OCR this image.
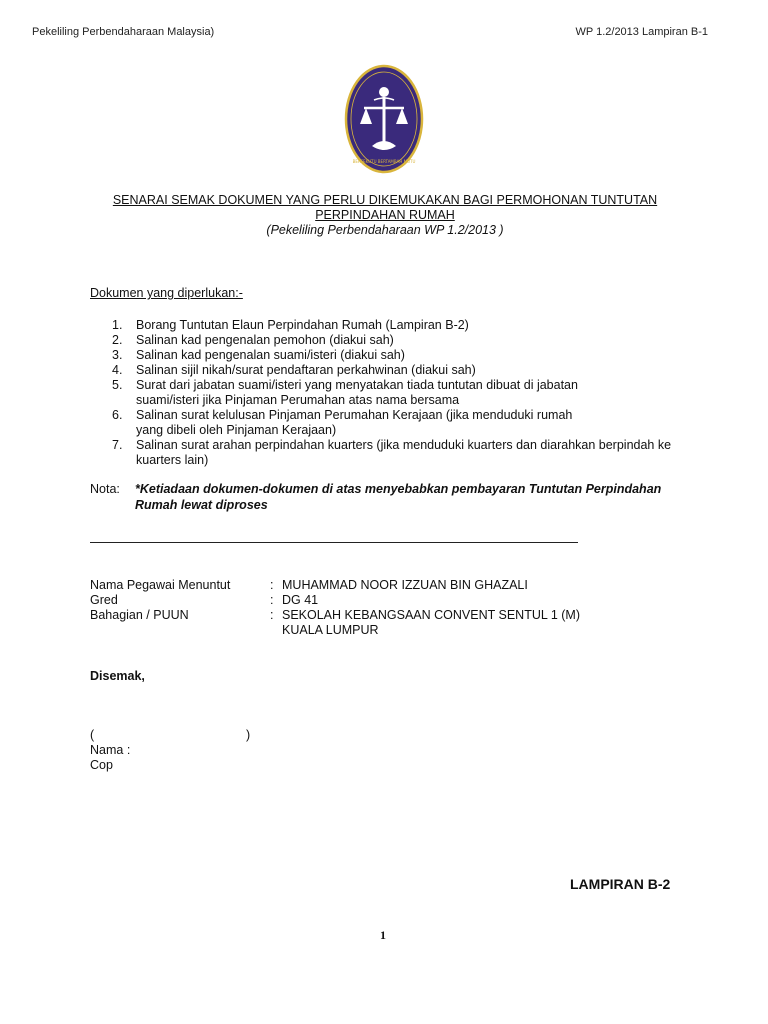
Pekeliling Perbendaharaan Malaysia)	WP 1.2/2013 Lampiran B-1
BERSEKUTU BERTAMBAH MUTU
SENARAI SEMAK DOKUMEN YANG PERLU DIKEMUKAKAN BAGI PERMOHONAN TUNTUTAN
PERPINDAHAN RUMAH
(Pekeliling Perbendaharaan WP 1.2/2013 )
Dokumen yang diperlukan:-
1. Borang Tuntutan Elaun Perpindahan Rumah (Lampiran B-2)
2. Salinan kad pengenalan pemohon (diakui sah)
3. Salinan kad pengenalan suami/isteri (diakui sah)
4. Salinan sijil nikah/surat pendaftaran perkahwinan (diakui sah)
5. Surat dari jabatan suami/isteri yang menyatakan tiada tuntutan dibuat di jabatan
suami/isteri jika Pinjaman Perumahan atas nama bersama
6. Salinan surat kelulusan Pinjaman Perumahan Kerajaan (jika menduduki rumah
yang dibeli oleh Pinjaman Kerajaan)
7. Salinan surat arahan perpindahan kuarters (jika menduduki kuarters dan diarahkan berpindah ke
kuarters lain)
Nota: *Ketiadaan dokumen-dokumen di atas menyebabkan pembayaran Tuntutan Perpindahan
Rumah lewat diproses
Nama Pegawai Menuntut	: MUHAMMAD NOOR IZZUAN BIN GHAZALI
Gred	: DG 41
Bahagian / PUUN	: SEKOLAH KEBANGSAAN CONVENT SENTUL 1 (M)
KUALA LUMPUR
Disemak,
(	)
Nama :
Cop
LAMPIRAN B-2
1
